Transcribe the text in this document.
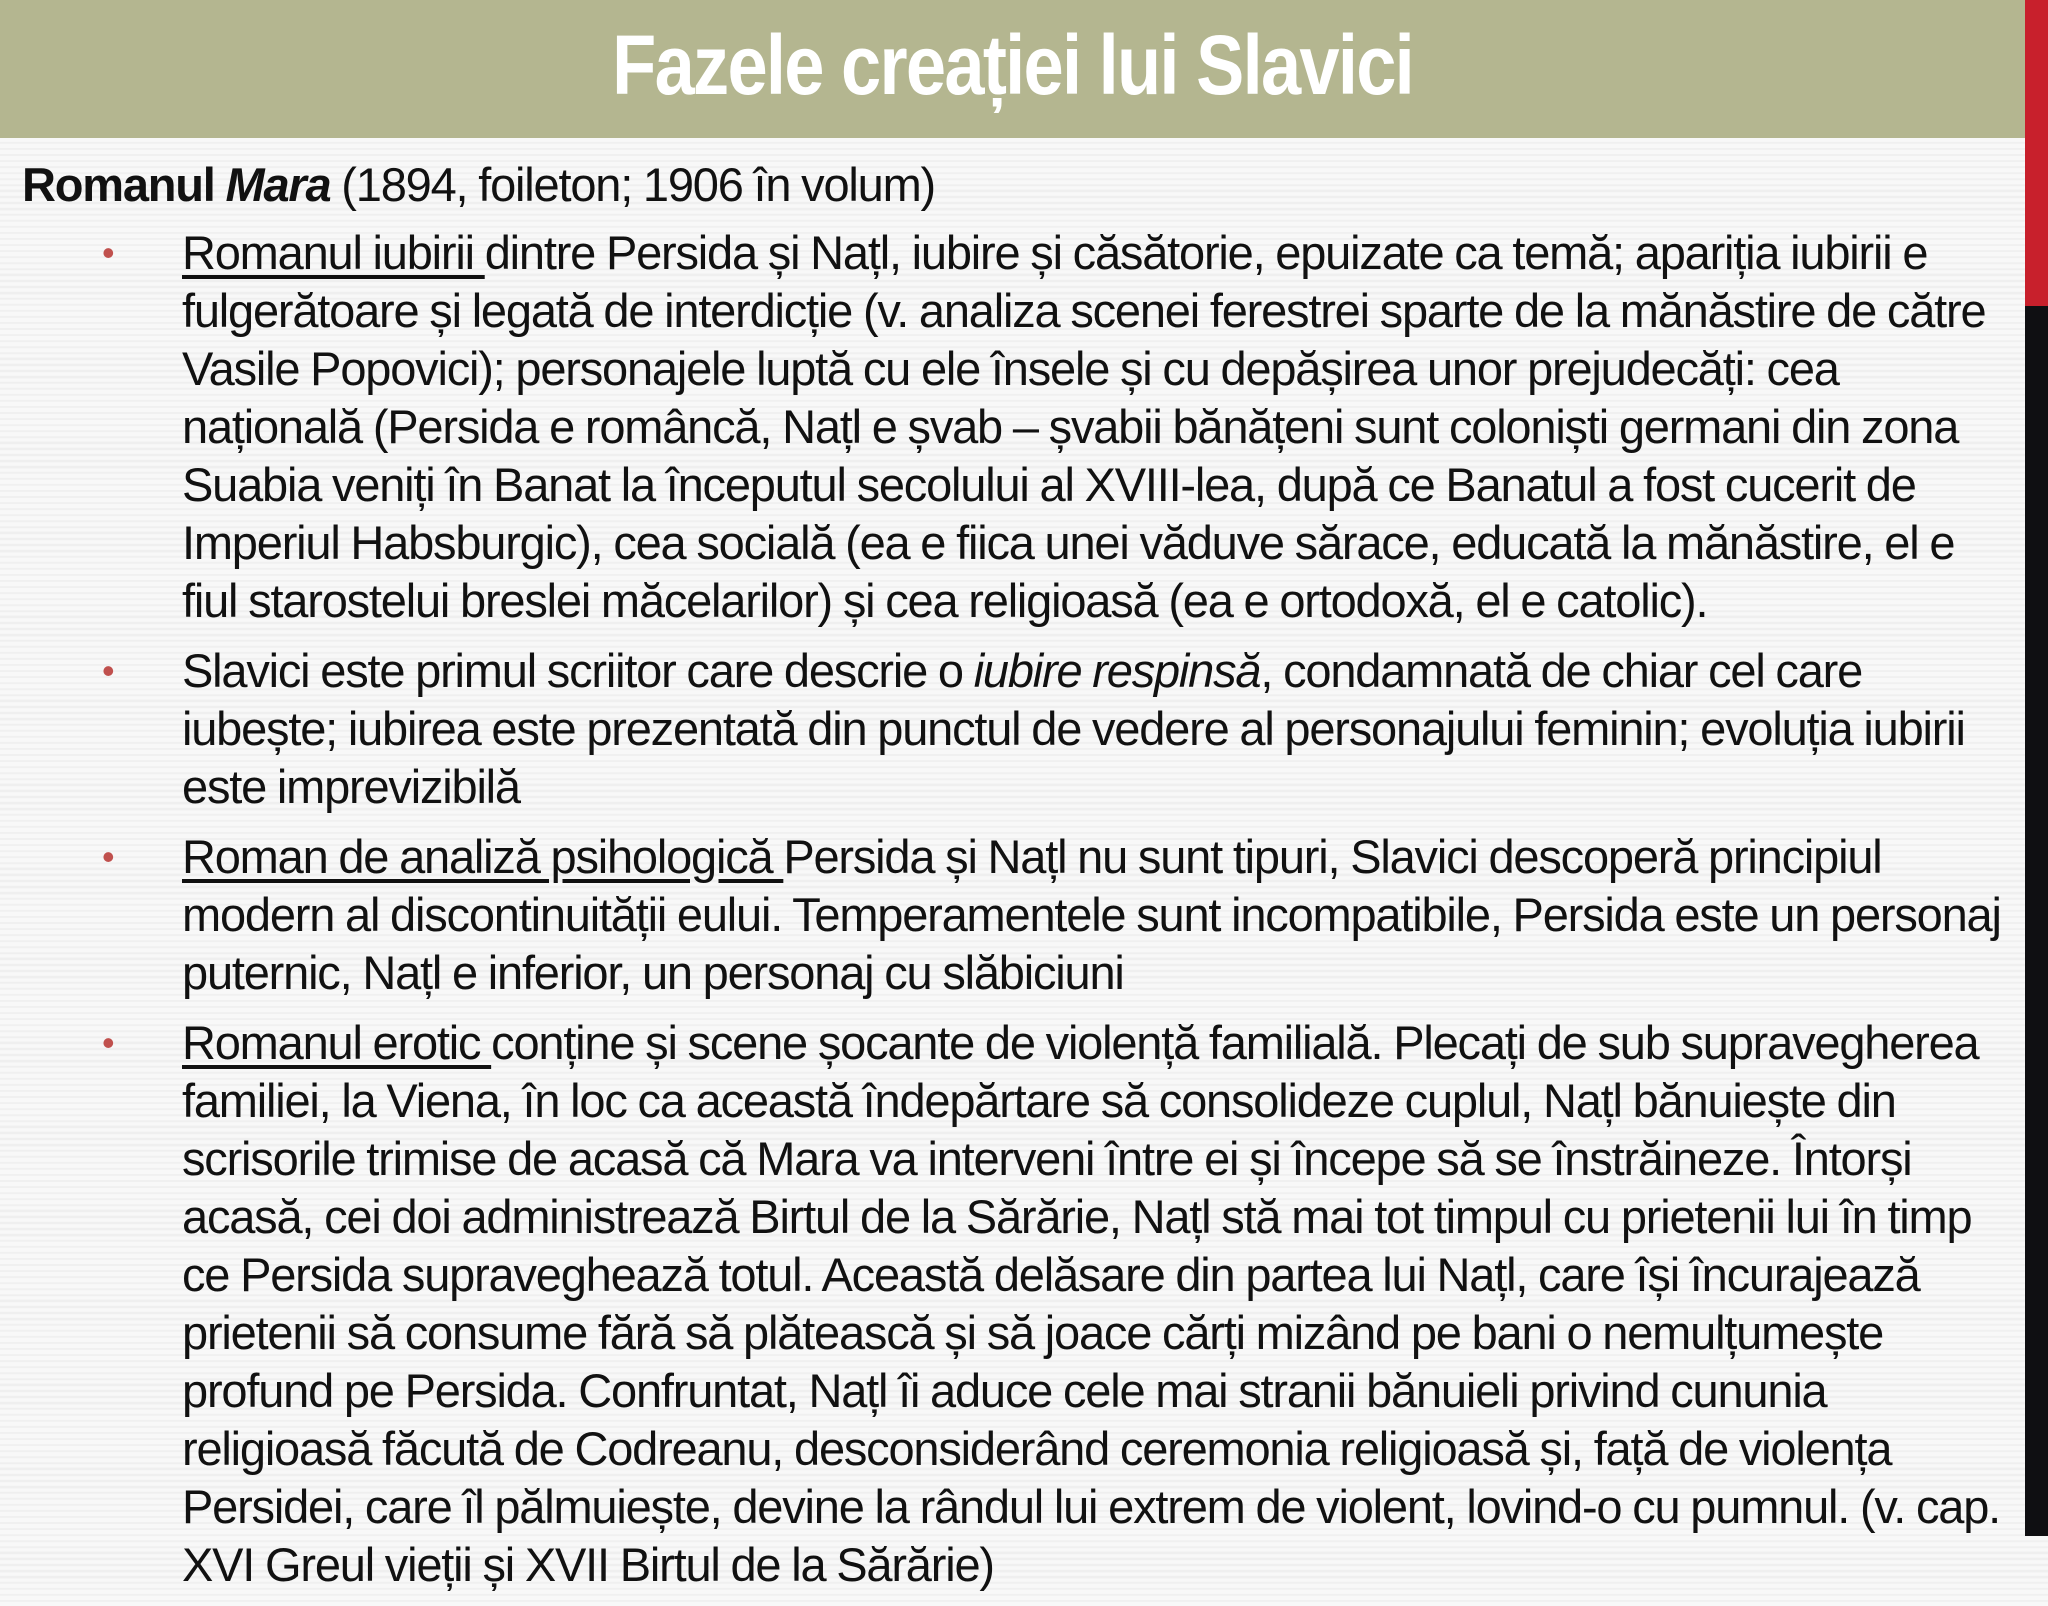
Fazele creației lui Slavici
Romanul Mara (1894, foileton; 1906 în volum)
• Romanul iubirii dintre Persida și Națl, iubire și căsătorie, epuizate ca temă; apariția iubirii e fulgerătoare și legată de interdicție (v. analiza scenei ferestrei sparte de la mănăstire de către Vasile Popovici); personajele luptă cu ele însele și cu depășirea unor prejudecăți: cea națională (Persida e româncă, Națl e șvab – șvabii bănățeni sunt coloniști germani din zona Suabia veniți în Banat la începutul secolului al XVIII-lea, după ce Banatul a fost cucerit de Imperiul Habsburgic), cea socială (ea e fiica unei văduve sărace, educată la mănăstire, el e fiul starostelui breslei măcelarilor) și cea religioasă (ea e ortodoxă, el e catolic).
• Slavici este primul scriitor care descrie o iubire respinsă, condamnată de chiar cel care iubește; iubirea este prezentată din punctul de vedere al personajului feminin; evoluția iubirii este imprevizibilă
• Roman de analiză psihologică Persida și Națl nu sunt tipuri, Slavici descoperă principiul modern al discontinuității eului. Temperamentele sunt incompatibile, Persida este un personaj puternic, Națl e inferior, un personaj cu slăbiciuni
• Romanul erotic conține și scene șocante de violență familială. Plecați de sub supravegherea familiei, la Viena, în loc ca această îndepărtare să consolideze cuplul, Națl bănuiește din scrisorile trimise de acasă că Mara va interveni între ei și începe să se înstrăineze. Întorși acasă, cei doi administrează Birtul de la Sărărie, Națl stă mai tot timpul cu prietenii lui în timp ce Persida supraveghează totul. Această delăsare din partea lui Națl, care își încurajează prietenii să consume fără să plătească și să joace cărți mizând pe bani o nemulțumește profund pe Persida. Confruntat, Națl îi aduce cele mai stranii bănuieli privind cununia religioasă făcută de Codreanu, desconsiderând ceremonia religioasă și, față de violența Persidei, care îl pălmuiește, devine la rândul lui extrem de violent, lovind-o cu pumnul. (v. cap. XVI Greul vieții și XVII Birtul de la Sărărie)
